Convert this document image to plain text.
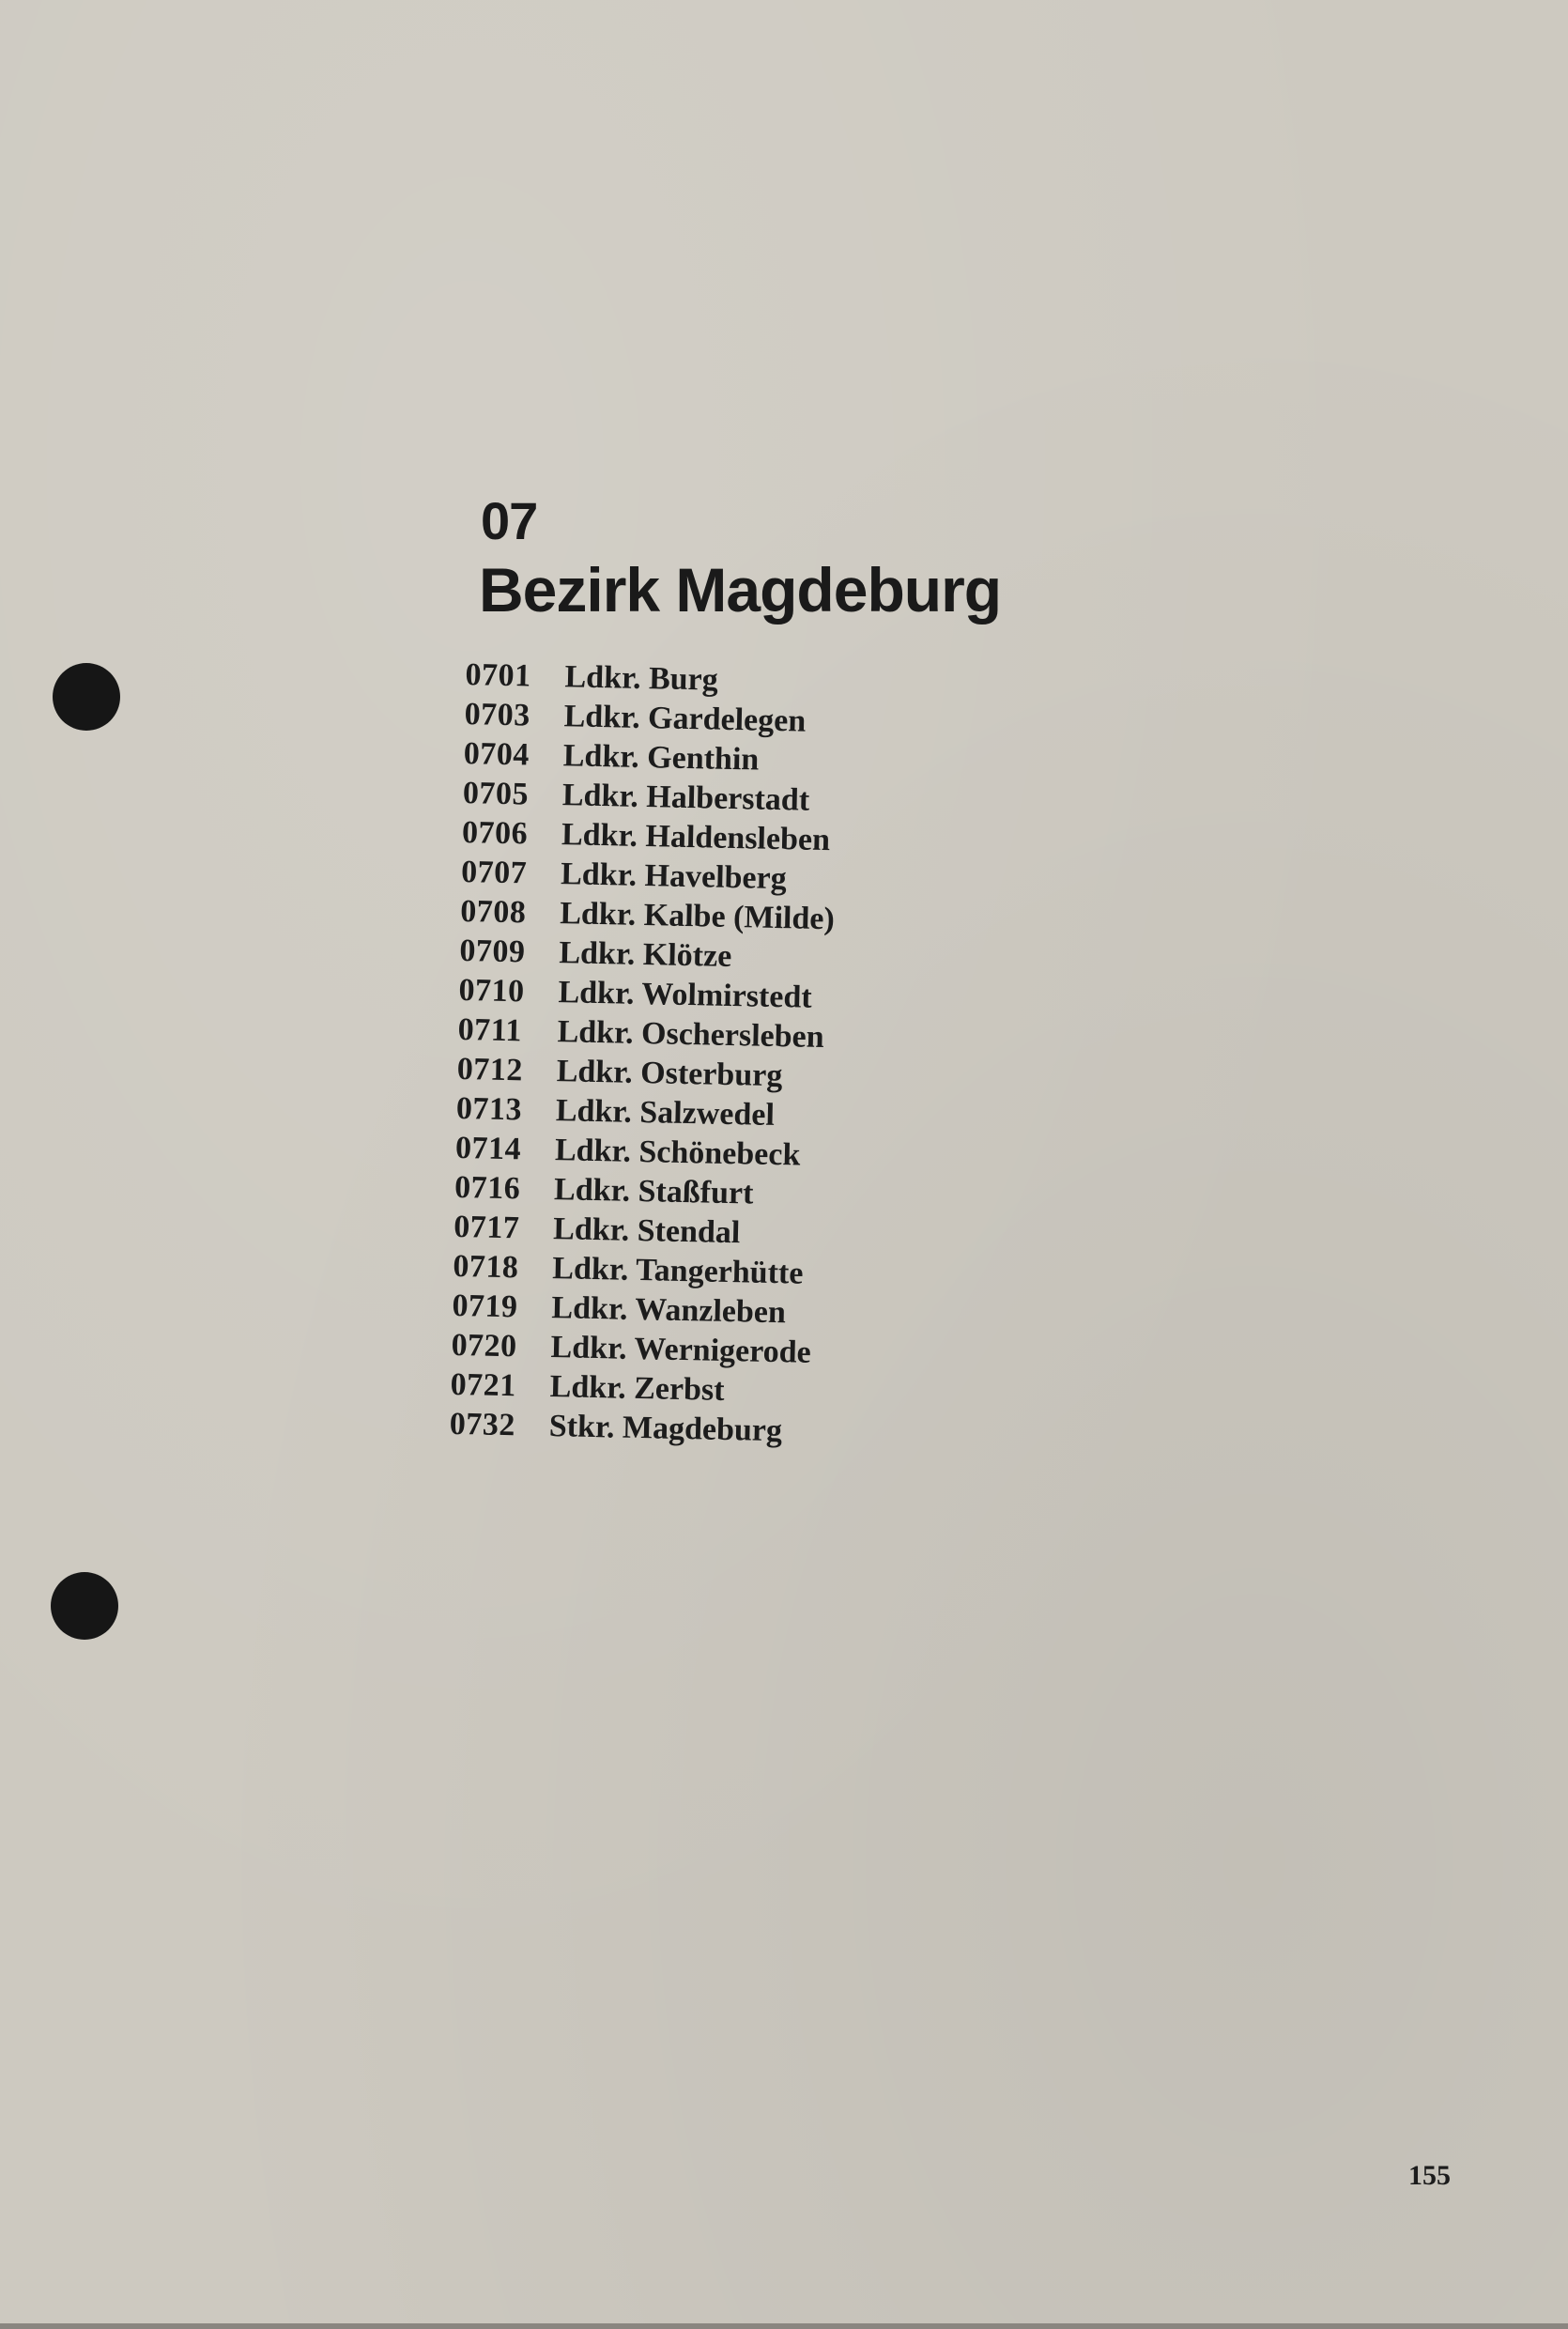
07
Bezirk Magdeburg
0701	Ldkr. Burg
0703	Ldkr. Gardelegen
0704	Ldkr. Genthin
0705	Ldkr. Halberstadt
0706	Ldkr. Haldensleben
0707	Ldkr. Havelberg
0708	Ldkr. Kalbe (Milde)
0709	Ldkr. Klötze
0710	Ldkr. Wolmirstedt
0711	Ldkr. Oschersleben
0712	Ldkr. Osterburg
0713	Ldkr. Salzwedel
0714	Ldkr. Schönebeck
0716	Ldkr. Staßfurt
0717	Ldkr. Stendal
0718	Ldkr. Tangerhütte
0719	Ldkr. Wanzleben
0720	Ldkr. Wernigerode
0721	Ldkr. Zerbst
0732	Stkr. Magdeburg
155
